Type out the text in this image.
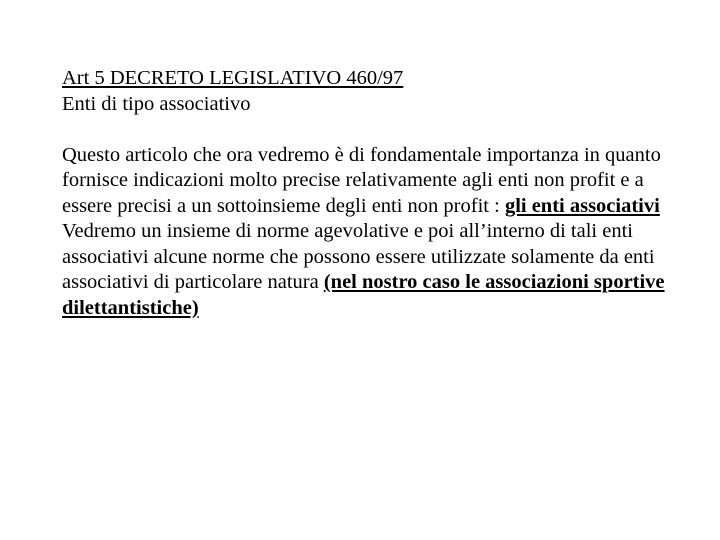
Art 5 DECRETO LEGISLATIVO 460/97
Enti di tipo associativo

Questo articolo che ora vedremo è di fondamentale importanza in quanto fornisce indicazioni molto precise relativamente agli enti non profit e a essere precisi a un sottoinsieme degli enti non profit : gli enti associativi
Vedremo un insieme di norme agevolative e poi all’interno di tali enti associativi alcune norme che possono essere utilizzate solamente da enti associativi di particolare natura (nel nostro caso le associazioni sportive dilettantistiche)
